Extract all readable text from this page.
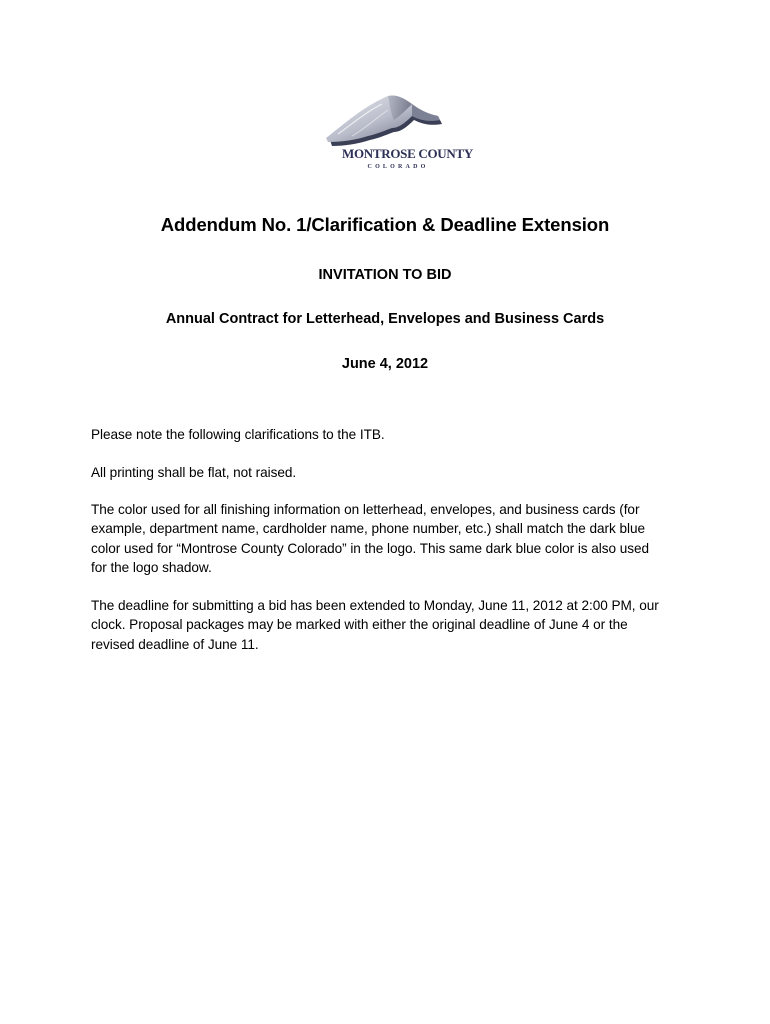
MONTROSE COUNTY
COLORADO
Addendum No. 1/Clarification & Deadline Extension
INVITATION TO BID
Annual Contract for Letterhead, Envelopes and Business Cards
June 4, 2012
Please note the following clarifications to the ITB.
All printing shall be flat, not raised.
The color used for all finishing information on letterhead, envelopes, and business cards (for
example, department name, cardholder name, phone number, etc.) shall match the dark blue
color used for “Montrose County Colorado” in the logo. This same dark blue color is also used
for the logo shadow.
The deadline for submitting a bid has been extended to Monday, June 11, 2012 at 2:00 PM, our
clock. Proposal packages may be marked with either the original deadline of June 4 or the
revised deadline of June 11.
